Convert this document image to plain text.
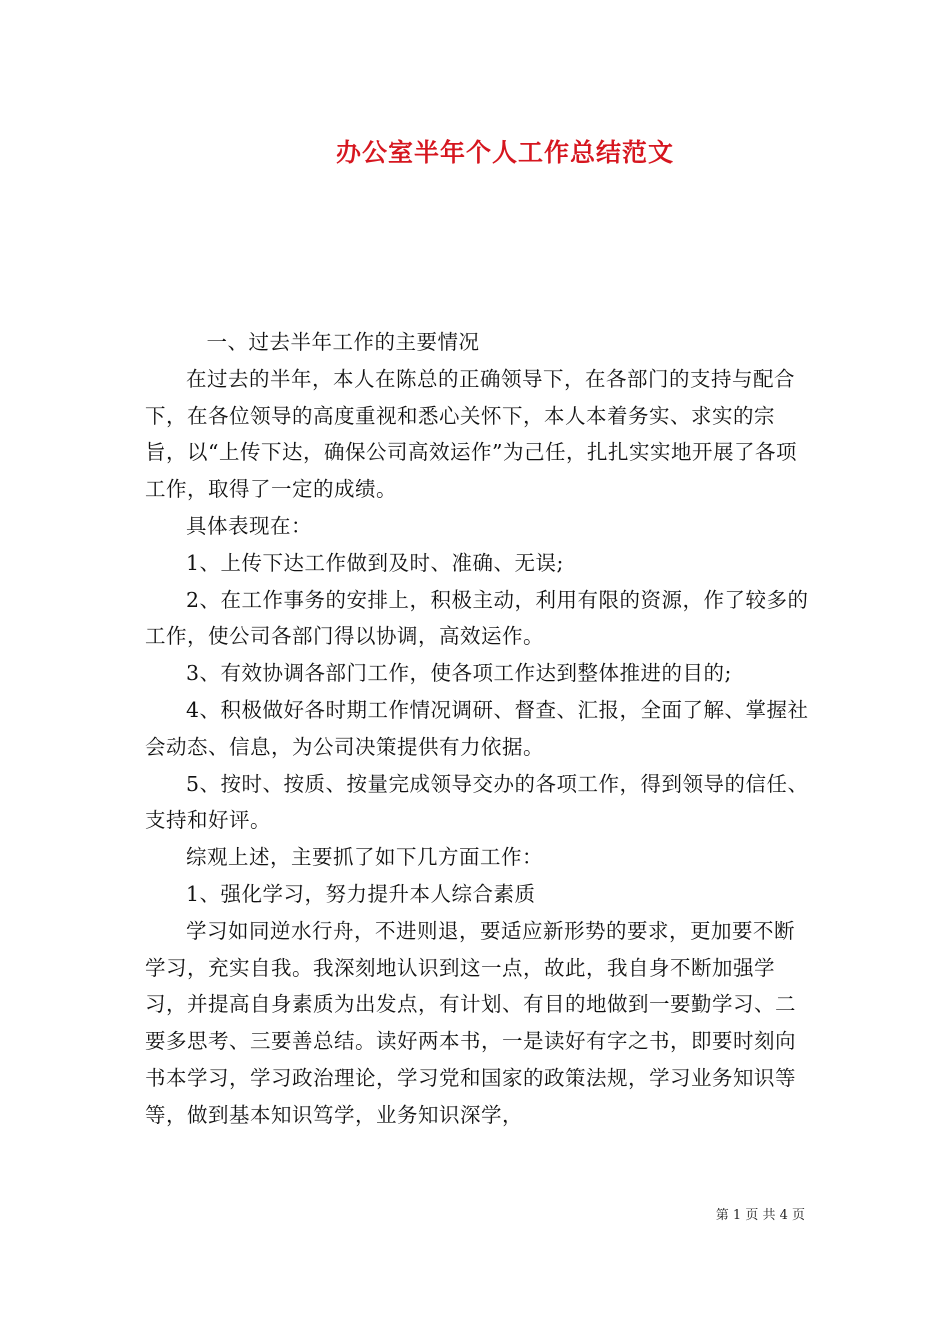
办公室半年个人工作总结范文

一、过去半年工作的主要情况

在过去的半年，本人在陈总的正确领导下，在各部门的支持与配合下，在各位领导的高度重视和悉心关怀下，本人本着务实、求实的宗旨，以“上传下达，确保公司高效运作”为己任，扎扎实实地开展了各项工作，取得了一定的成绩。

具体表现在：

1、上传下达工作做到及时、准确、无误;

2、在工作事务的安排上，积极主动，利用有限的资源，作了较多的工作，使公司各部门得以协调，高效运作。

3、有效协调各部门工作，使各项工作达到整体推进的目的;

4、积极做好各时期工作情况调研、督查、汇报，全面了解、掌握社会动态、信息，为公司决策提供有力依据。

5、按时、按质、按量完成领导交办的各项工作，得到领导的信任、支持和好评。

综观上述，主要抓了如下几方面工作：

1、强化学习，努力提升本人综合素质

学习如同逆水行舟，不进则退，要适应新形势的要求，更加要不断学习，充实自我。我深刻地认识到这一点，故此，我自身不断加强学习，并提高自身素质为出发点，有计划、有目的地做到一要勤学习、二要多思考、三要善总结。读好两本书，一是读好有字之书，即要时刻向书本学习，学习政治理论，学习党和国家的政策法规，学习业务知识等等，做到基本知识笃学，业务知识深学，

第 1 页 共 4 页
